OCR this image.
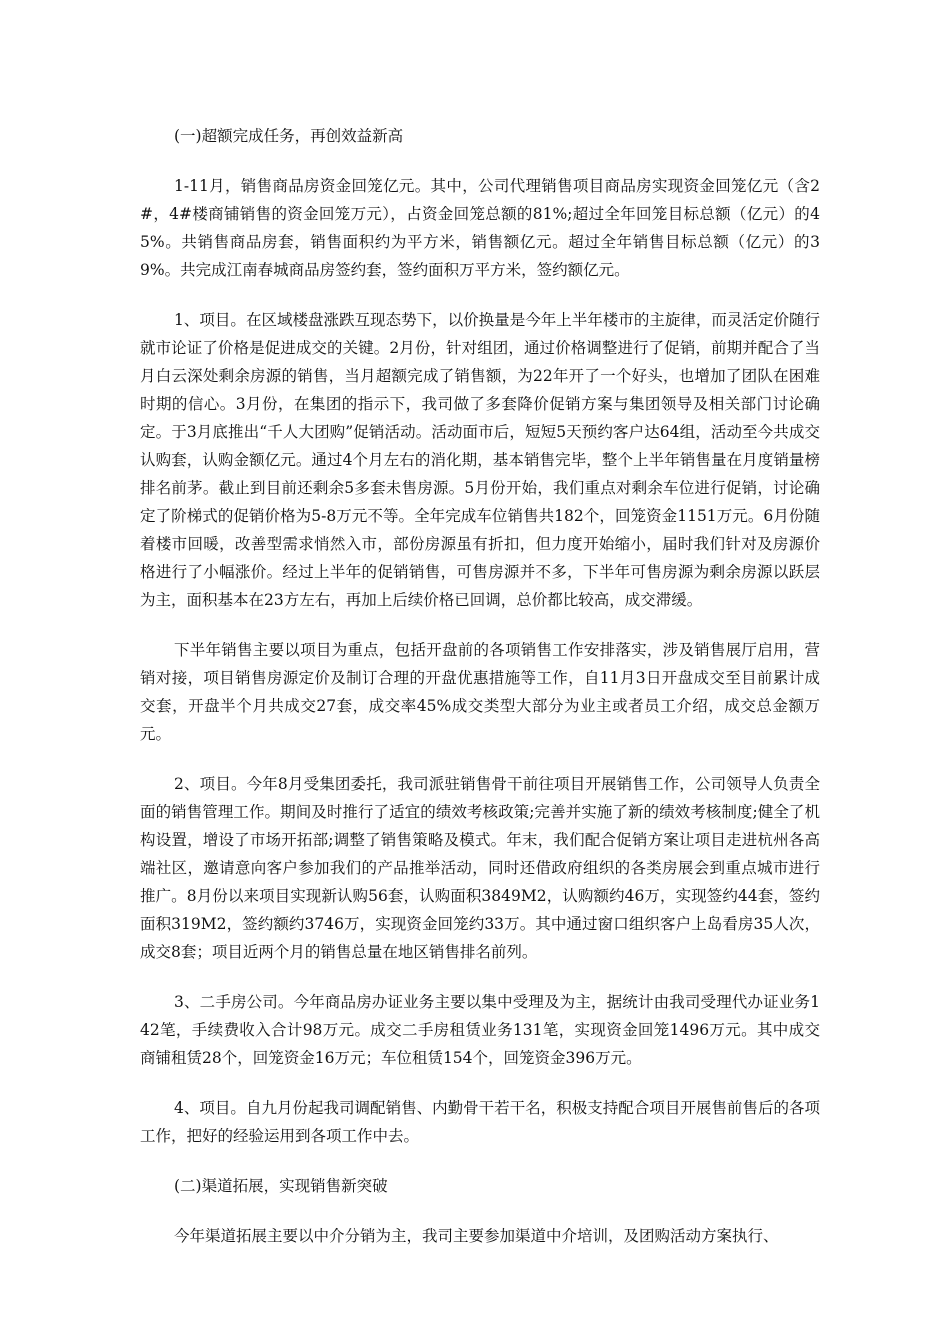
(一)超额完成任务，再创效益新高

1-11月，销售商品房资金回笼亿元。其中，公司代理销售项目商品房实现资金回笼亿元（含2#，4#楼商铺销售的资金回笼万元），占资金回笼总额的81%;超过全年回笼目标总额（亿元）的45%。共销售商品房套，销售面积约为平方米，销售额亿元。超过全年销售目标总额（亿元）的39%。共完成江南春城商品房签约套，签约面积万平方米，签约额亿元。

1、项目。在区域楼盘涨跌互现态势下，以价换量是今年上半年楼市的主旋律，而灵活定价随行就市论证了价格是促进成交的关键。2月份，针对组团，通过价格调整进行了促销，前期并配合了当月白云深处剩余房源的销售，当月超额完成了销售额，为22年开了一个好头，也增加了团队在困难时期的信心。3月份，在集团的指示下，我司做了多套降价促销方案与集团领导及相关部门讨论确定。于3月底推出“千人大团购”促销活动。活动面市后，短短5天预约客户达64组，活动至今共成交认购套，认购金额亿元。通过4个月左右的消化期，基本销售完毕，整个上半年销售量在月度销量榜排名前茅。截止到目前还剩余5多套未售房源。5月份开始，我们重点对剩余车位进行促销，讨论确定了阶梯式的促销价格为5-8万元不等。全年完成车位销售共182个，回笼资金1151万元。6月份随着楼市回暖，改善型需求悄然入市，部份房源虽有折扣，但力度开始缩小，届时我们针对及房源价格进行了小幅涨价。经过上半年的促销销售，可售房源并不多，下半年可售房源为剩余房源以跃层为主，面积基本在23方左右，再加上后续价格已回调，总价都比较高，成交滞缓。

下半年销售主要以项目为重点，包括开盘前的各项销售工作安排落实，涉及销售展厅启用，营销对接，项目销售房源定价及制订合理的开盘优惠措施等工作，自11月3日开盘成交至目前累计成交套，开盘半个月共成交27套，成交率45%成交类型大部分为业主或者员工介绍，成交总金额万元。

2、项目。今年8月受集团委托，我司派驻销售骨干前往项目开展销售工作，公司领导人负责全面的销售管理工作。期间及时推行了适宜的绩效考核政策;完善并实施了新的绩效考核制度;健全了机构设置，增设了市场开拓部;调整了销售策略及模式。年末，我们配合促销方案让项目走进杭州各高端社区，邀请意向客户参加我们的产品推举活动，同时还借政府组织的各类房展会到重点城市进行推广。8月份以来项目实现新认购56套，认购面积3849M2，认购额约46万，实现签约44套，签约面积319M2，签约额约3746万，实现资金回笼约33万。其中通过窗口组织客户上岛看房35人次，成交8套；项目近两个月的销售总量在地区销售排名前列。

3、二手房公司。今年商品房办证业务主要以集中受理及为主，据统计由我司受理代办证业务142笔，手续费收入合计98万元。成交二手房租赁业务131笔，实现资金回笼1496万元。其中成交商铺租赁28个，回笼资金16万元；车位租赁154个，回笼资金396万元。

4、项目。自九月份起我司调配销售、内勤骨干若干名，积极支持配合项目开展售前售后的各项工作，把好的经验运用到各项工作中去。

(二)渠道拓展，实现销售新突破

今年渠道拓展主要以中介分销为主，我司主要参加渠道中介培训，及团购活动方案执行、
